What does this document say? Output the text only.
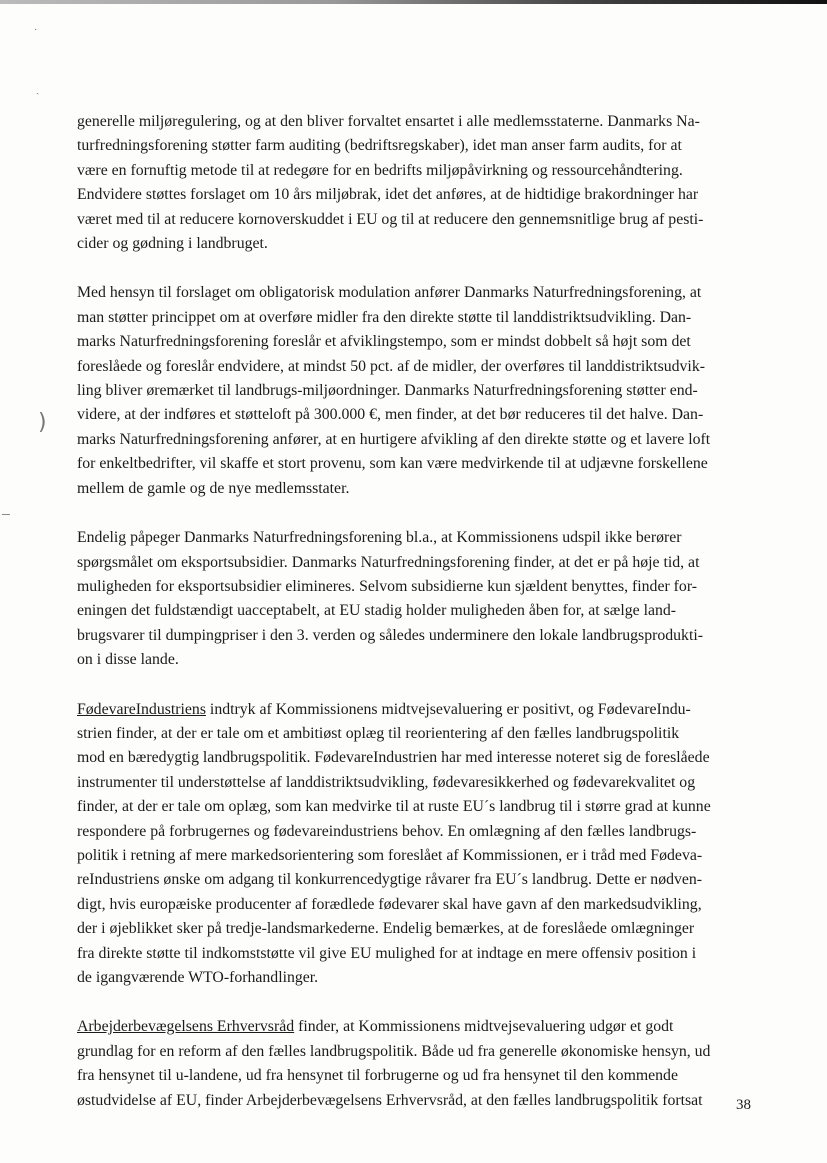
˙
ˏ
)

generelle miljøregulering, og at den bliver forvaltet ensartet i alle medlemsstaterne. Danmarks Na-
turfredningsforening støtter farm auditing (bedriftsregskaber), idet man anser farm audits, for at
være en fornuftig metode til at redegøre for en bedrifts miljøpåvirkning og ressourcehåndtering.
Endvidere støttes forslaget om 10 års miljøbrak, idet det anføres, at de hidtidige brakordninger har
været med til at reducere kornoverskuddet i EU og til at reducere den gennemsnitlige brug af pesti-
cider og gødning i landbruget.

Med hensyn til forslaget om obligatorisk modulation anfører Danmarks Naturfredningsforening, at
man støtter princippet om at overføre midler fra den direkte støtte til landdistriktsudvikling. Dan-
marks Naturfredningsforening foreslår et afviklingstempo, som er mindst dobbelt så højt som det
foreslåede og foreslår endvidere, at mindst 50 pct. af de midler, der overføres til landdistriktsudvik-
ling bliver øremærket til landbrugs-miljøordninger. Danmarks Naturfredningsforening støtter end-
videre, at der indføres et støtteloft på 300.000 €, men finder, at det bør reduceres til det halve. Dan-
marks Naturfredningsforening anfører, at en hurtigere afvikling af den direkte støtte og et lavere loft
for enkeltbedrifter, vil skaffe et stort provenu, som kan være medvirkende til at udjævne forskellene
mellem de gamle og de nye medlemsstater.

Endelig påpeger Danmarks Naturfredningsforening bl.a., at Kommissionens udspil ikke berører
spørgsmålet om eksportsubsidier. Danmarks Naturfredningsforening finder, at det er på høje tid, at
muligheden for eksportsubsidier elimineres. Selvom subsidierne kun sjældent benyttes, finder for-
eningen det fuldstændigt uacceptabelt, at EU stadig holder muligheden åben for, at sælge land-
brugsvarer til dumpingpriser i den 3. verden og således underminere den lokale landbrugsprodukti-
on i disse lande.

FødevareIndustriens indtryk af Kommissionens midtvejsevaluering er positivt, og FødevareIndu-
strien finder, at der er tale om et ambitiøst oplæg til reorientering af den fælles landbrugspolitik
mod en bæredygtig landbrugspolitik. FødevareIndustrien har med interesse noteret sig de foreslåede
instrumenter til understøttelse af landdistriktsudvikling, fødevaresikkerhed og fødevarekvalitet og
finder, at der er tale om oplæg, som kan medvirke til at ruste EU´s landbrug til i større grad at kunne
respondere på forbrugernes og fødevareindustriens behov. En omlægning af den fælles landbrugs-
politik i retning af mere markedsorientering som foreslået af Kommissionen, er i tråd med Fødeva-
reIndustriens ønske om adgang til konkurrencedygtige råvarer fra EU´s landbrug. Dette er nødven-
digt, hvis europæiske producenter af forædlede fødevarer skal have gavn af den markedsudvikling,
der i øjeblikket sker på tredje-landsmarkederne. Endelig bemærkes, at de foreslåede omlægninger
fra direkte støtte til indkomststøtte vil give EU mulighed for at indtage en mere offensiv position i
de igangværende WTO-forhandlinger.

Arbejderbevægelsens Erhvervsråd finder, at Kommissionens midtvejsevaluering udgør et godt
grundlag for en reform af den fælles landbrugspolitik. Både ud fra generelle økonomiske hensyn, ud
fra hensynet til u-landene, ud fra hensynet til forbrugerne og ud fra hensynet til den kommende
østudvidelse af EU, finder Arbejderbevægelsens Erhvervsråd, at den fælles landbrugspolitik fortsat	38
